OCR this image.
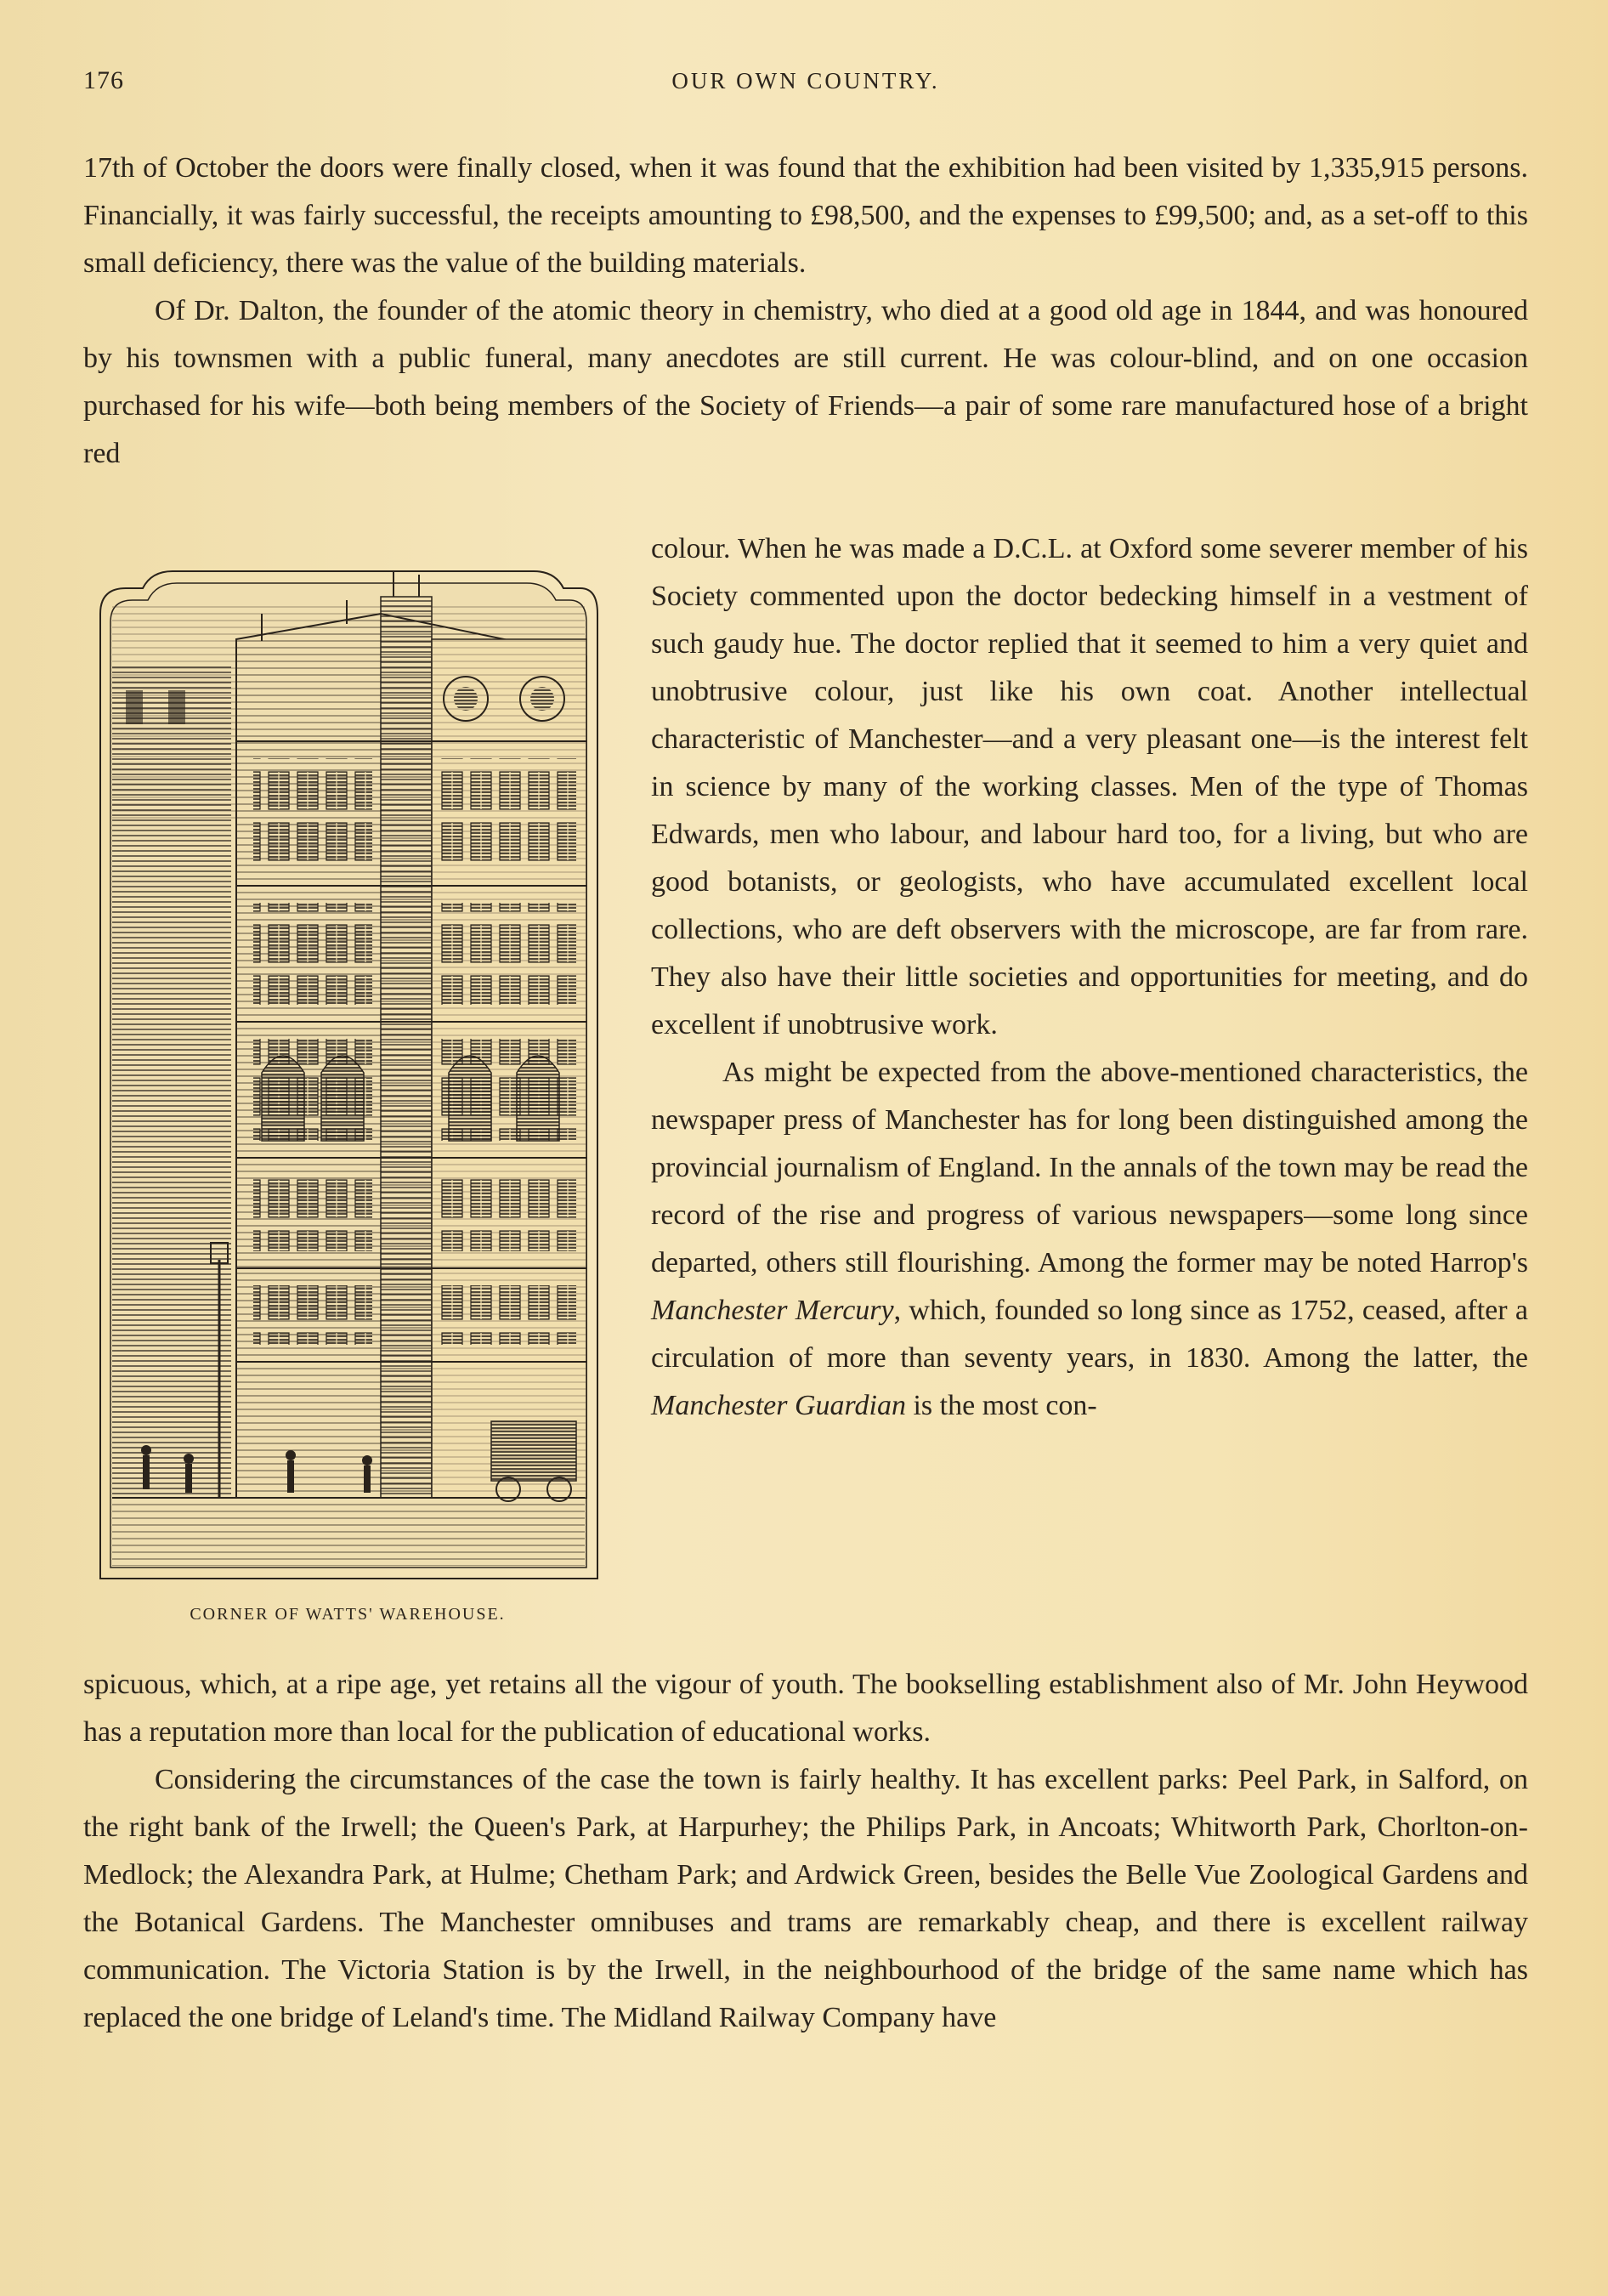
176	OUR OWN COUNTRY.

17th of October the doors were finally closed, when it was found that the exhibition had been visited by 1,335,915 persons. Financially, it was fairly successful, the receipts amounting to £98,500, and the expenses to £99,500; and, as a set-off to this small deficiency, there was the value of the building materials.

Of Dr. Dalton, the founder of the atomic theory in chemistry, who died at a good old age in 1844, and was honoured by his townsmen with a public funeral, many anecdotes are still current. He was colour-blind, and on one occasion purchased for his wife—both being members of the Society of Friends—a pair of some rare manufactured hose of a bright red

CORNER OF WATTS' WAREHOUSE.

colour. When he was made a D.C.L. at Oxford some severer member of his Society commented upon the doctor bedecking himself in a vestment of such gaudy hue. The doctor replied that it seemed to him a very quiet and unobtrusive colour, just like his own coat. Another intellectual characteristic of Manchester—and a very pleasant one—is the interest felt in science by many of the working classes. Men of the type of Thomas Edwards, men who labour, and labour hard too, for a living, but who are good botanists, or geologists, who have accumulated excellent local collections, who are deft observers with the microscope, are far from rare. They also have their little societies and opportunities for meeting, and do excellent if unobtrusive work.

As might be expected from the above-mentioned characteristics, the newspaper press of Manchester has for long been distinguished among the provincial journalism of England. In the annals of the town may be read the record of the rise and progress of various newspapers—some long since departed, others still flourishing. Among the former may be noted Harrop's Manchester Mercury, which, founded so long since as 1752, ceased, after a circulation of more than seventy years, in 1830. Among the latter, the Manchester Guardian is the most con-

spicuous, which, at a ripe age, yet retains all the vigour of youth. The bookselling establishment also of Mr. John Heywood has a reputation more than local for the publication of educational works.

Considering the circumstances of the case the town is fairly healthy. It has excellent parks: Peel Park, in Salford, on the right bank of the Irwell; the Queen's Park, at Harpurhey; the Philips Park, in Ancoats; Whitworth Park, Chorlton-on-Medlock; the Alexandra Park, at Hulme; Chetham Park; and Ardwick Green, besides the Belle Vue Zoological Gardens and the Botanical Gardens. The Manchester omnibuses and trams are remarkably cheap, and there is excellent railway communication. The Victoria Station is by the Irwell, in the neighbourhood of the bridge of the same name which has replaced the one bridge of Leland's time. The Midland Railway Company have
